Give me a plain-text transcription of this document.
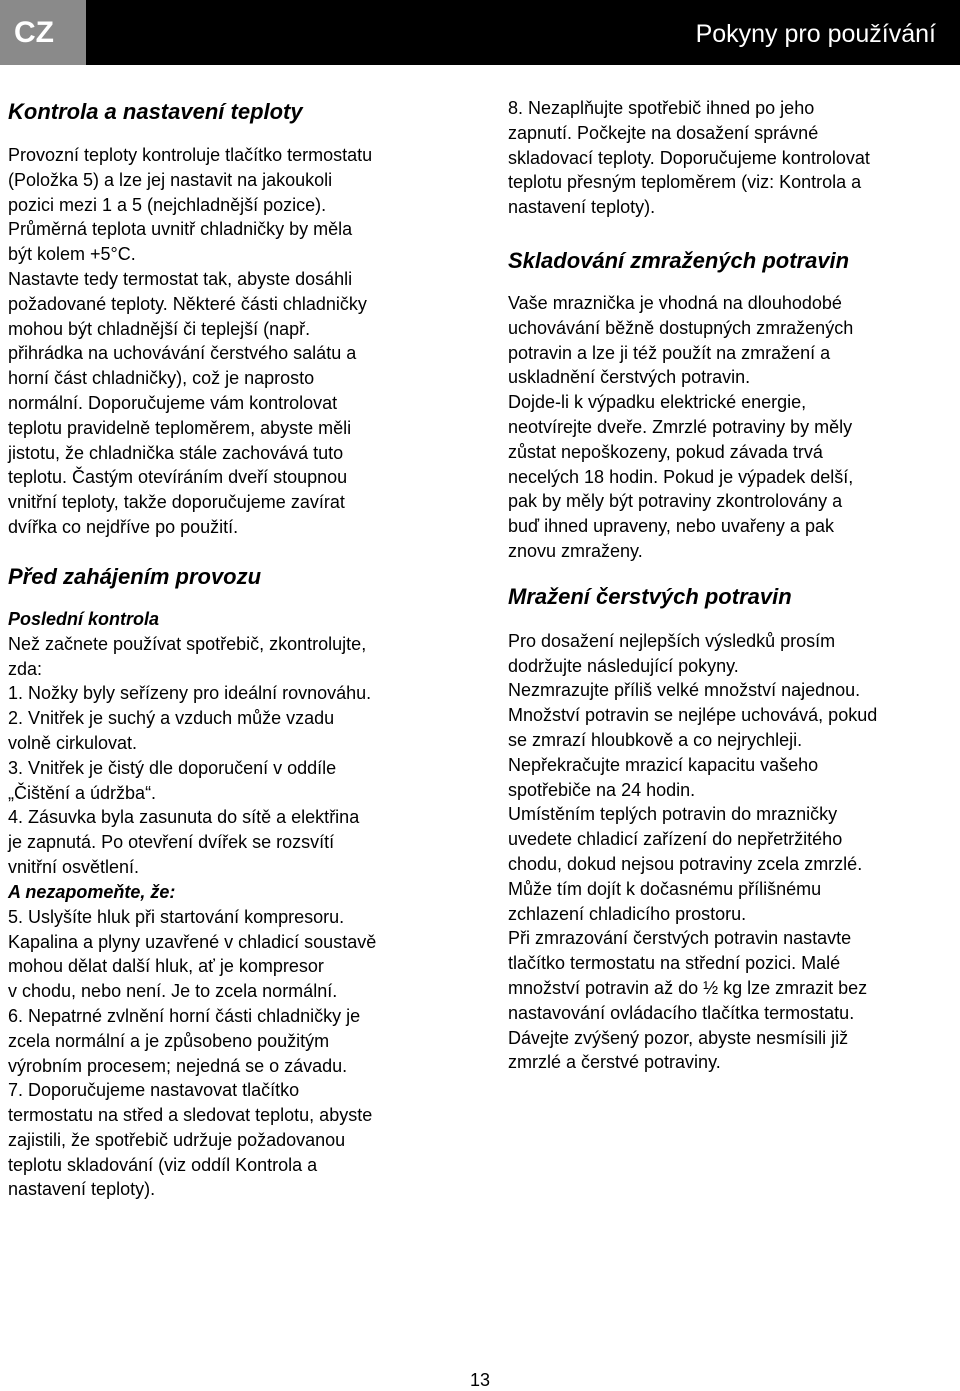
CZ	Pokyny pro používání
Kontrola a nastavení teploty

Provozní teploty kontroluje tlačítko termostatu
(Položka 5) a lze jej nastavit na jakoukoli
pozici mezi 1 a 5 (nejchladnější pozice).
Průměrná teplota uvnitř chladničky by měla
být kolem +5°C.
Nastavte tedy termostat tak, abyste dosáhli
požadované teploty. Některé části chladničky
mohou být chladnější či teplejší (např.
přihrádka na uchovávání čerstvého salátu a
horní část chladničky), což je naprosto
normální. Doporučujeme vám kontrolovat
teplotu pravidelně teploměrem, abyste měli
jistotu, že chladnička stále zachovává tuto
teplotu. Častým otevíráním dveří stoupnou
vnitřní teploty, takže doporučujeme zavírat
dvířka co nejdříve po použití.

Před zahájením provozu
Poslední kontrola

Než začnete používat spotřebič, zkontrolujte,
zda:
1. Nožky byly seřízeny pro ideální rovnováhu.
2. Vnitřek je suchý a vzduch může vzadu
volně cirkulovat.
3. Vnitřek je čistý dle doporučení v oddíle
„Čištění a údržba“.
4. Zásuvka byla zasunuta do sítě a elektřina
je zapnutá. Po otevření dvířek se rozsvítí
vnitřní osvětlení.

A nezapomeňte, že:

5. Uslyšíte hluk při startování kompresoru.
Kapalina a plyny uzavřené v chladicí soustavě
mohou dělat další hluk, ať je kompresor
v chodu, nebo není. Je to zcela normální.
6. Nepatrné zvlnění horní části chladničky je
zcela normální a je způsobeno použitým
výrobním procesem; nejedná se o závadu.
7. Doporučujeme nastavovat tlačítko
termostatu na střed a sledovat teplotu, abyste
zajistili, že spotřebič udržuje požadovanou
teplotu skladování (viz oddíl Kontrola a
nastavení teploty).

8. Nezaplňujte spotřebič ihned po jeho
zapnutí. Počkejte na dosažení správné
skladovací teploty. Doporučujeme kontrolovat
teplotu přesným teploměrem (viz: Kontrola a
nastavení teploty).

Skladování zmražených potravin

Vaše mraznička je vhodná na dlouhodobé
uchovávání běžně dostupných zmražených
potravin a lze ji též použít na zmražení a
uskladnění čerstvých potravin.
Dojde-li k výpadku elektrické energie,
neotvírejte dveře. Zmrzlé potraviny by měly
zůstat nepoškozeny, pokud závada trvá
necelých 18 hodin. Pokud je výpadek delší,
pak by měly být potraviny zkontrolovány a
buď ihned upraveny, nebo uvařeny a pak
znovu zmraženy.

Mražení čerstvých potravin

Pro dosažení nejlepších výsledků prosím
dodržujte následující pokyny.
Nezmrazujte příliš velké množství najednou.
Množství potravin se nejlépe uchovává, pokud
se zmrazí hloubkově a co nejrychleji.
Nepřekračujte mrazicí kapacitu vašeho
spotřebiče na 24 hodin.
Umístěním teplých potravin do mrazničky
uvedete chladicí zařízení do nepřetržitého
chodu, dokud nejsou potraviny zcela zmrzlé.
Může tím dojít k dočasnému přílišnému
zchlazení chladicího prostoru.
Při zmrazování čerstvých potravin nastavte
tlačítko termostatu na střední pozici. Malé
množství potravin až do ½ kg lze zmrazit bez
nastavování ovládacího tlačítka termostatu.
Dávejte zvýšený pozor, abyste nesmísili již
zmrzlé a čerstvé potraviny.

13
